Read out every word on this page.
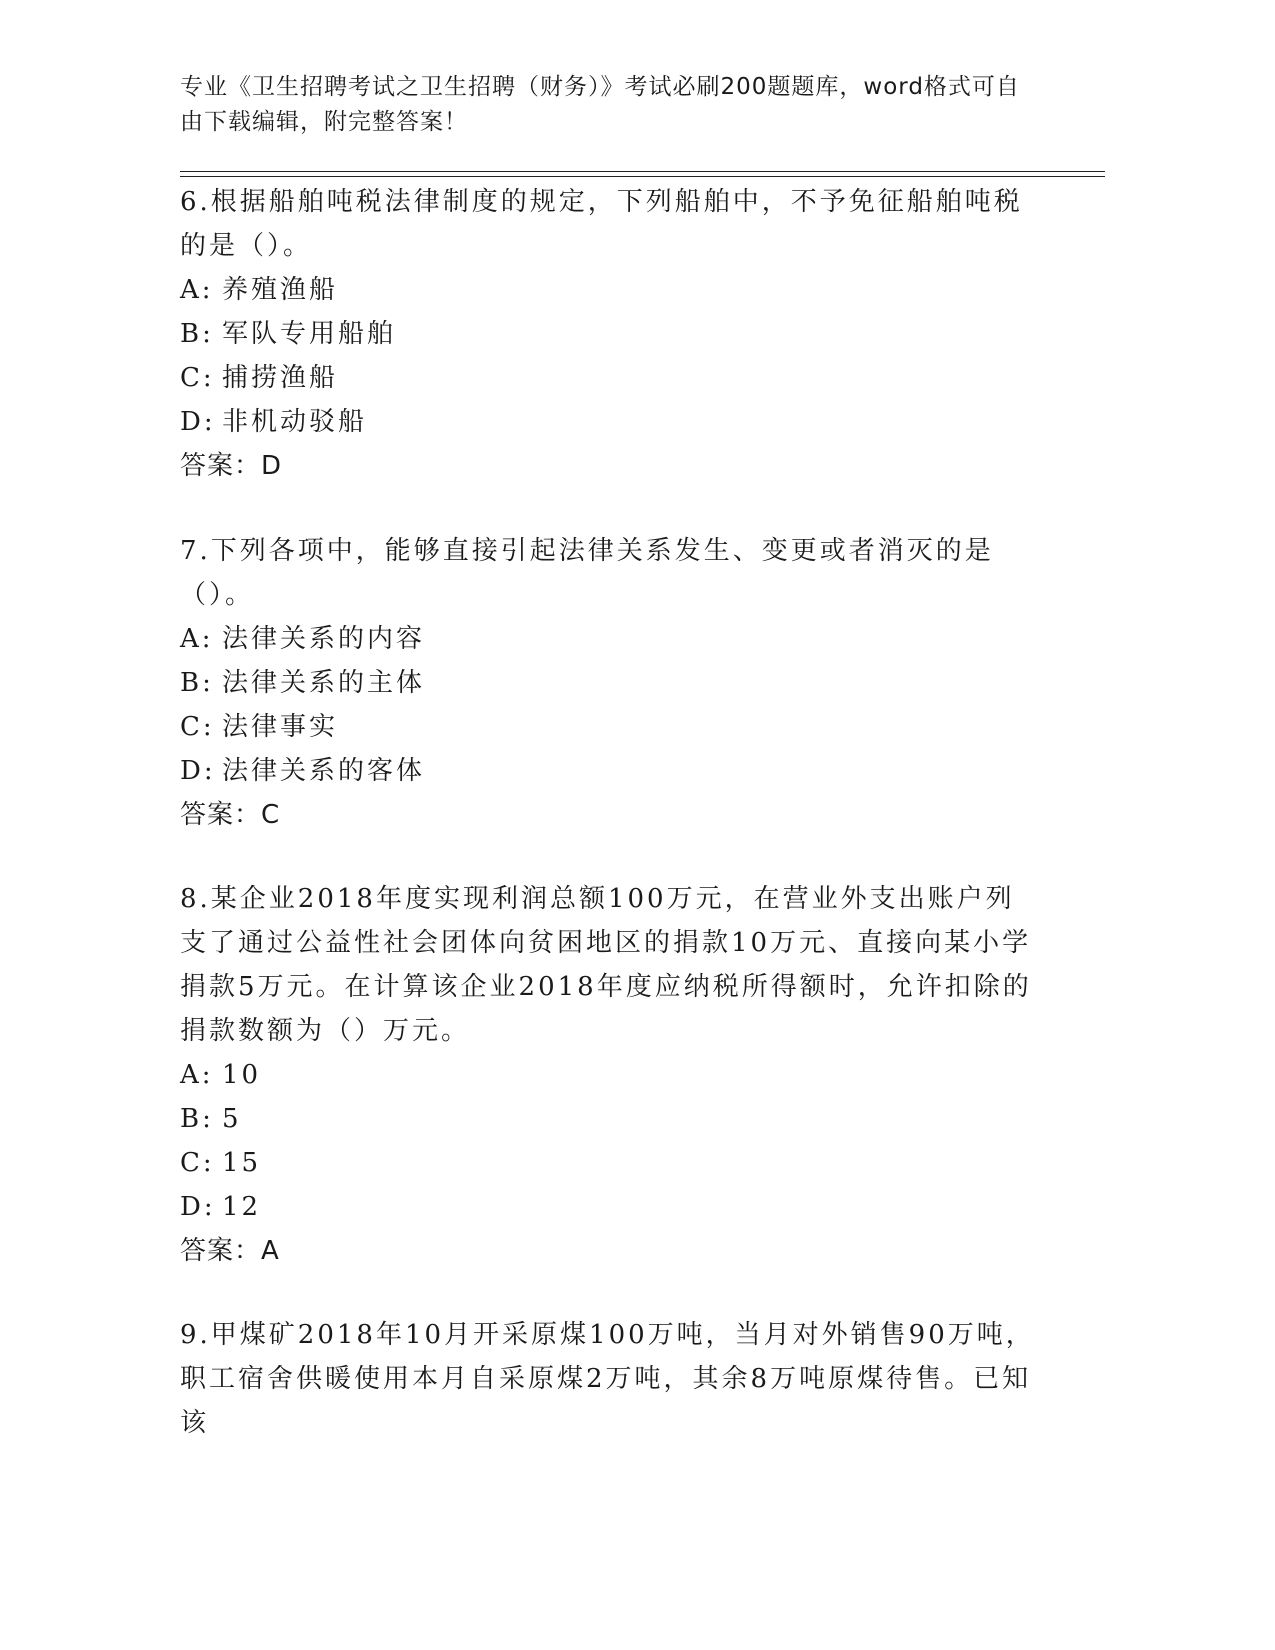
专业《卫生招聘考试之卫生招聘（财务）》考试必刷200题题库，word格式可自由下载编辑，附完整答案！
6.根据船舶吨税法律制度的规定，下列船舶中，不予免征船舶吨税的是（）。
A: 养殖渔船
B: 军队专用船舶
C: 捕捞渔船
D: 非机动驳船
答案：D
7.下列各项中，能够直接引起法律关系发生、变更或者消灭的是（）。
A: 法律关系的内容
B: 法律关系的主体
C: 法律事实
D: 法律关系的客体
答案：C
8.某企业2018年度实现利润总额100万元，在营业外支出账户列支了通过公益性社会团体向贫困地区的捐款10万元、直接向某小学捐款5万元。在计算该企业2018年度应纳税所得额时，允许扣除的捐款数额为（）万元。
A: 10
B: 5
C: 15
D: 12
答案：A
9.甲煤矿2018年10月开采原煤100万吨，当月对外销售90万吨，职工宿舍供暖使用本月自采原煤2万吨，其余8万吨原煤待售。已知该
